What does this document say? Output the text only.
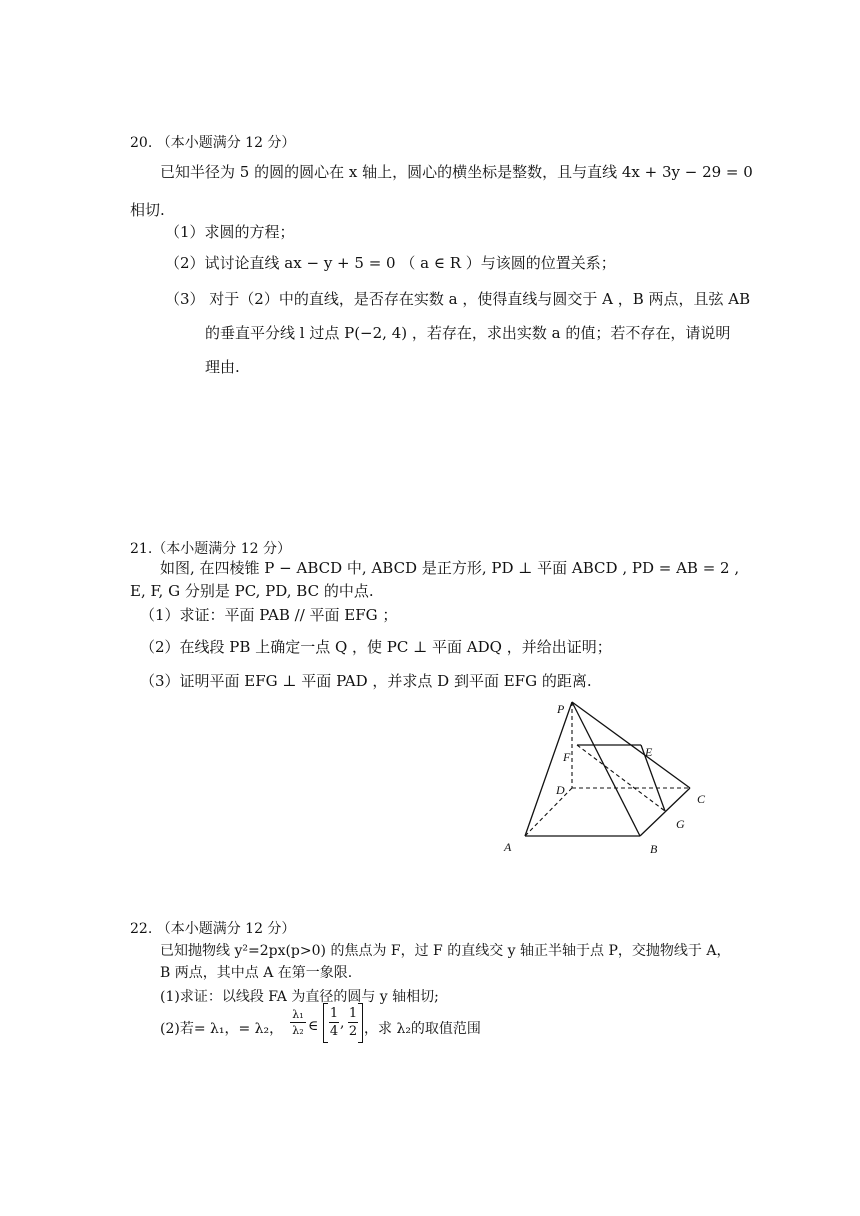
20. （本小题满分 12 分）
已知半径为 5 的圆的圆心在 x 轴上，圆心的横坐标是整数，且与直线 4x + 3y − 29 = 0
相切.
（1）求圆的方程；
（2）试讨论直线 ax − y + 5 = 0 （ a ∈ R ）与该圆的位置关系；
（3） 对于（2）中的直线，是否存在实数 a ，使得直线与圆交于 A ，B 两点，且弦 AB
的垂直平分线 l 过点 P(−2, 4) ，若存在，求出实数 a 的值；若不存在，请说明
理由.
21.（本小题满分 12 分）
如图, 在四棱锥 P − ABCD 中, ABCD 是正方形, PD ⊥ 平面 ABCD , PD = AB = 2 ,
E, F, G 分别是 PC, PD, BC 的中点.
（1）求证：平面 PAB // 平面 EFG ；
（2）在线段 PB 上确定一点 Q ，使 PC ⊥ 平面 ADQ ，并给出证明；
（3）证明平面 EFG ⊥ 平面 PAD ，并求点 D 到平面 EFG 的距离.
P
F	E
D
C
G
A	B
22. （本小题满分 12 分）
已知抛物线 y²=2px(p>0) 的焦点为 F，过 F 的直线交 y 轴正半轴于点 P，交抛物线于 A，
B 两点，其中点 A 在第一象限.
(1)求证：以线段 FA 为直径的圆与 y 轴相切;
(2)若= λ₁，= λ₂，
λ₁
λ₂ ∈
1
4
,
1
2 ，求 λ₂的取值范围
